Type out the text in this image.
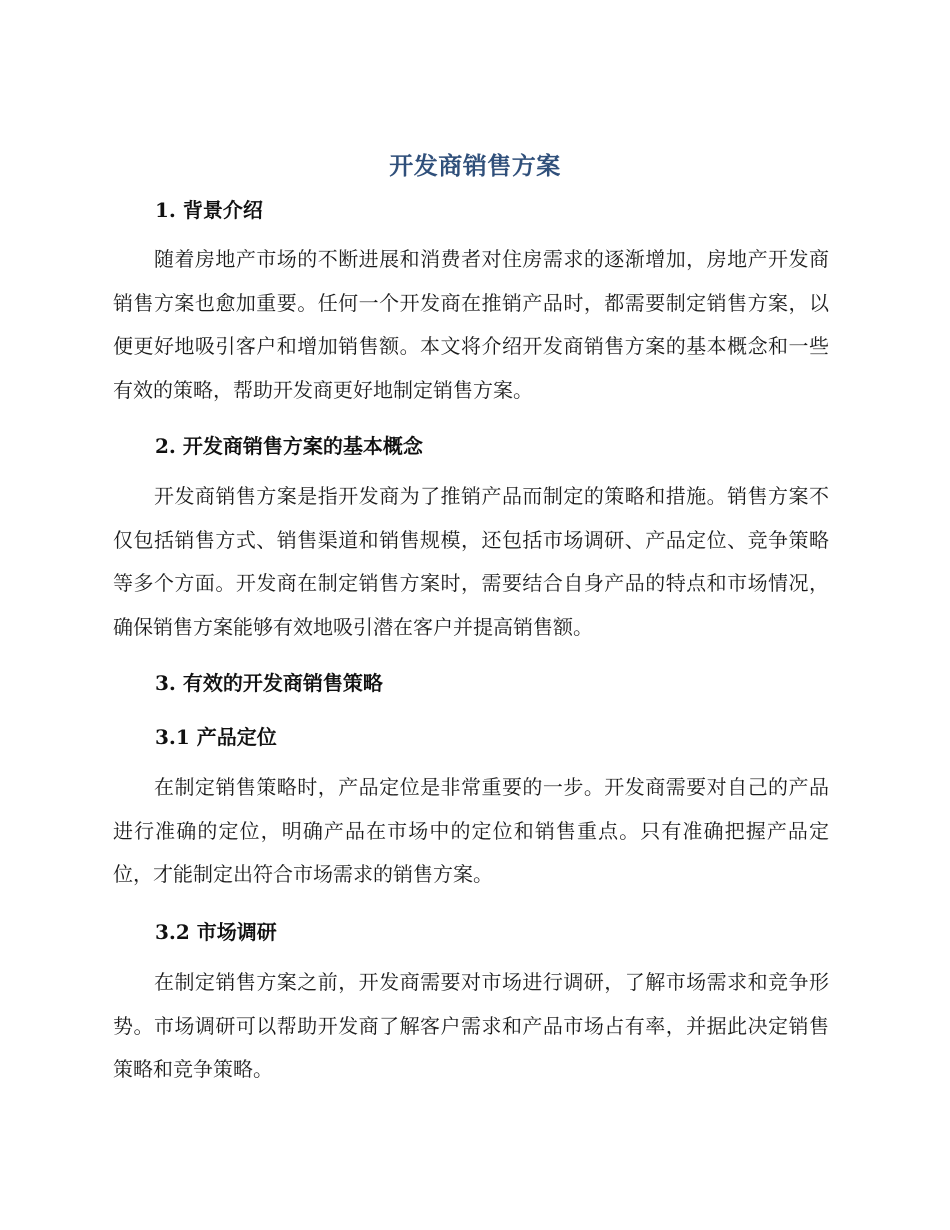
开发商销售方案
1. 背景介绍
随着房地产市场的不断进展和消费者对住房需求的逐渐增加，房地产开发商销售方案也愈加重要。任何一个开发商在推销产品时，都需要制定销售方案，以便更好地吸引客户和增加销售额。本文将介绍开发商销售方案的基本概念和一些有效的策略，帮助开发商更好地制定销售方案。
2. 开发商销售方案的基本概念
开发商销售方案是指开发商为了推销产品而制定的策略和措施。销售方案不仅包括销售方式、销售渠道和销售规模，还包括市场调研、产品定位、竞争策略等多个方面。开发商在制定销售方案时，需要结合自身产品的特点和市场情况，确保销售方案能够有效地吸引潜在客户并提高销售额。
3. 有效的开发商销售策略
3.1 产品定位
在制定销售策略时，产品定位是非常重要的一步。开发商需要对自己的产品进行准确的定位，明确产品在市场中的定位和销售重点。只有准确把握产品定位，才能制定出符合市场需求的销售方案。
3.2 市场调研
在制定销售方案之前，开发商需要对市场进行调研，了解市场需求和竞争形势。市场调研可以帮助开发商了解客户需求和产品市场占有率，并据此决定销售策略和竞争策略。
